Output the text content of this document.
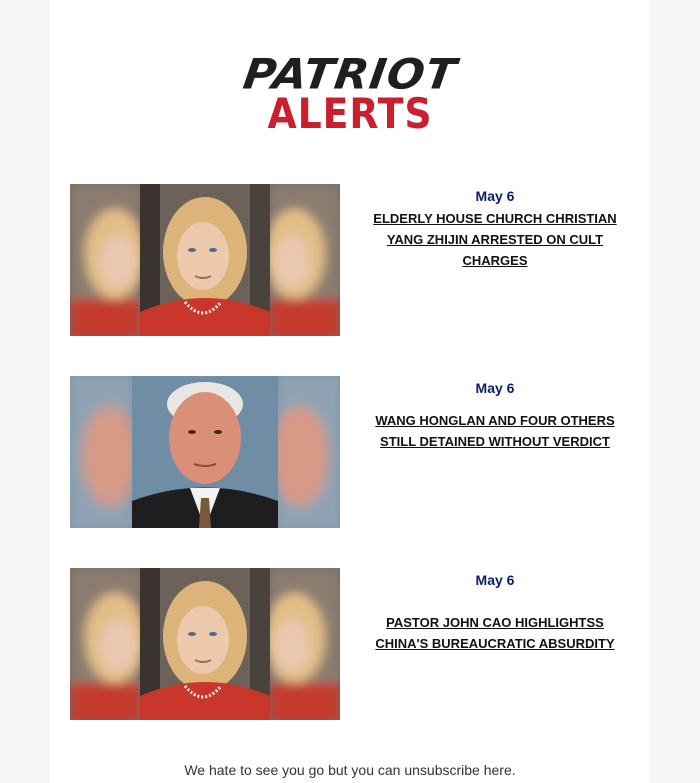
PATRIOT
ALERTS
May 6
ELDERLY HOUSE CHURCH CHRISTIAN YANG ZHIJIN ARRESTED ON CULT CHARGES
May 6
WANG HONGLAN AND FOUR OTHERS STILL DETAINED WITHOUT VERDICT
May 6
PASTOR JOHN CAO HIGHLIGHTSS CHINA'S BUREAUCRATIC ABSURDITY
We hate to see you go but you can unsubscribe here.
